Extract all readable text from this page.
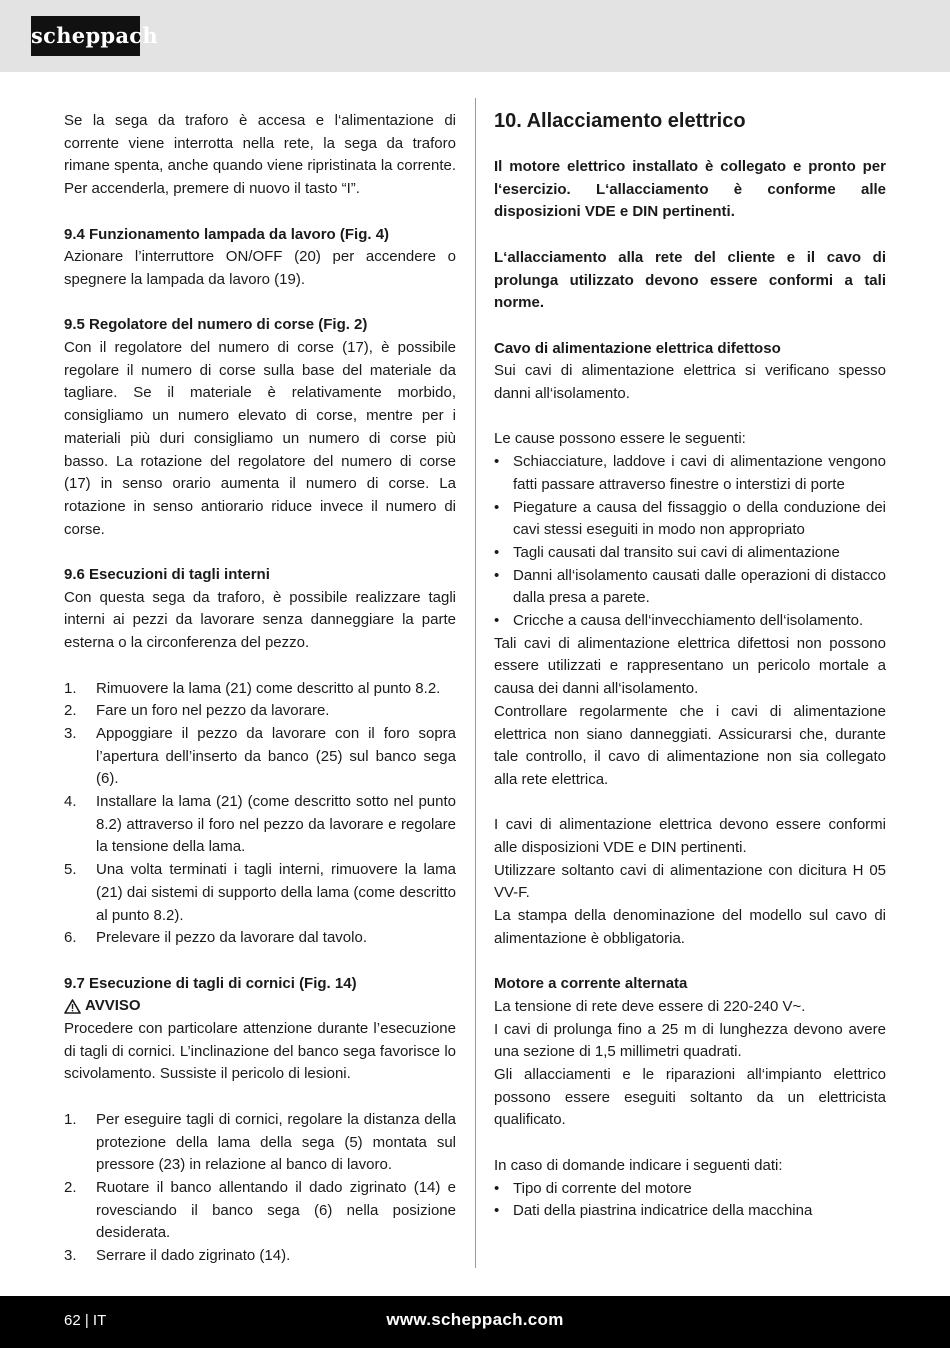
scheppach
Se la sega da traforo è accesa e l‘alimentazione di corrente viene interrotta nella rete, la sega da traforo rimane spenta, anche quando viene ripristinata la corrente. Per accenderla, premere di nuovo il tasto “I”.
9.4 Funzionamento lampada da lavoro (Fig. 4)
Azionare l’interruttore ON/OFF (20) per accendere o spegnere la lampada da lavoro (19).
9.5 Regolatore del numero di corse (Fig. 2)
Con il regolatore del numero di corse (17), è possibile regolare il numero di corse sulla base del materiale da tagliare. Se il materiale è relativamente morbido, consigliamo un numero elevato di corse, mentre per i materiali più duri consigliamo un numero di corse più basso. La rotazione del regolatore del numero di corse (17) in senso orario aumenta il numero di corse. La rotazione in senso antiorario riduce invece il numero di corse.
9.6 Esecuzioni di tagli interni
Con questa sega da traforo, è possibile realizzare tagli interni ai pezzi da lavorare senza danneggiare la parte esterna o la circonferenza del pezzo.
1.	Rimuovere la lama (21) come descritto al punto 8.2.
2.	Fare un foro nel pezzo da lavorare.
3.	Appoggiare il pezzo da lavorare con il foro sopra l’apertura dell’inserto da banco (25) sul banco sega (6).
4.	Installare la lama (21) (come descritto sotto nel punto 8.2) attraverso il foro nel pezzo da lavorare e regolare la tensione della lama.
5.	Una volta terminati i tagli interni, rimuovere la lama (21) dai sistemi di supporto della lama (come descritto al punto 8.2).
6.	Prelevare il pezzo da lavorare dal tavolo.
9.7 Esecuzione di tagli di cornici (Fig. 14)
AVVISO
Procedere con particolare attenzione durante l’esecuzione di tagli di cornici. L’inclinazione del banco sega favorisce lo scivolamento. Sussiste il pericolo di lesioni.
1.	Per eseguire tagli di cornici, regolare la distanza della protezione della lama della sega (5) montata sul pressore (23) in relazione al banco di lavoro.
2.	Ruotare il banco allentando il dado zigrinato (14) e rovesciando il banco sega (6) nella posizione desiderata.
3.	Serrare il dado zigrinato (14).
10. Allacciamento elettrico
Il motore elettrico installato è collegato e pronto per l‘esercizio. L‘allacciamento è conforme alle disposizioni VDE e DIN pertinenti.
L‘allacciamento alla rete del cliente e il cavo di prolunga utilizzato devono essere conformi a tali norme.
Cavo di alimentazione elettrica difettoso
Sui cavi di alimentazione elettrica si verificano spesso danni all‘isolamento.
Le cause possono essere le seguenti:
• Schiacciature, laddove i cavi di alimentazione vengono fatti passare attraverso finestre o interstizi di porte
• Piegature a causa del fissaggio o della conduzione dei cavi stessi eseguiti in modo non appropriato
• Tagli causati dal transito sui cavi di alimentazione
• Danni all‘isolamento causati dalle operazioni di distacco dalla presa a parete.
• Cricche a causa dell‘invecchiamento dell‘isolamento.
Tali cavi di alimentazione elettrica difettosi non possono essere utilizzati e rappresentano un pericolo mortale a causa dei danni all‘isolamento.
Controllare regolarmente che i cavi di alimentazione elettrica non siano danneggiati. Assicurarsi che, durante tale controllo, il cavo di alimentazione non sia collegato alla rete elettrica.
I cavi di alimentazione elettrica devono essere conformi alle disposizioni VDE e DIN pertinenti.
Utilizzare soltanto cavi di alimentazione con dicitura H 05 VV-F.
La stampa della denominazione del modello sul cavo di alimentazione è obbligatoria.
Motore a corrente alternata
La tensione di rete deve essere di 220-240 V~.
I cavi di prolunga fino a 25 m di lunghezza devono avere una sezione di 1,5 millimetri quadrati.
Gli allacciamenti e le riparazioni all‘impianto elettrico possono essere eseguiti soltanto da un elettricista qualificato.
In caso di domande indicare i seguenti dati:
• Tipo di corrente del motore
• Dati della piastrina indicatrice della macchina
62 | IT	www.scheppach.com
